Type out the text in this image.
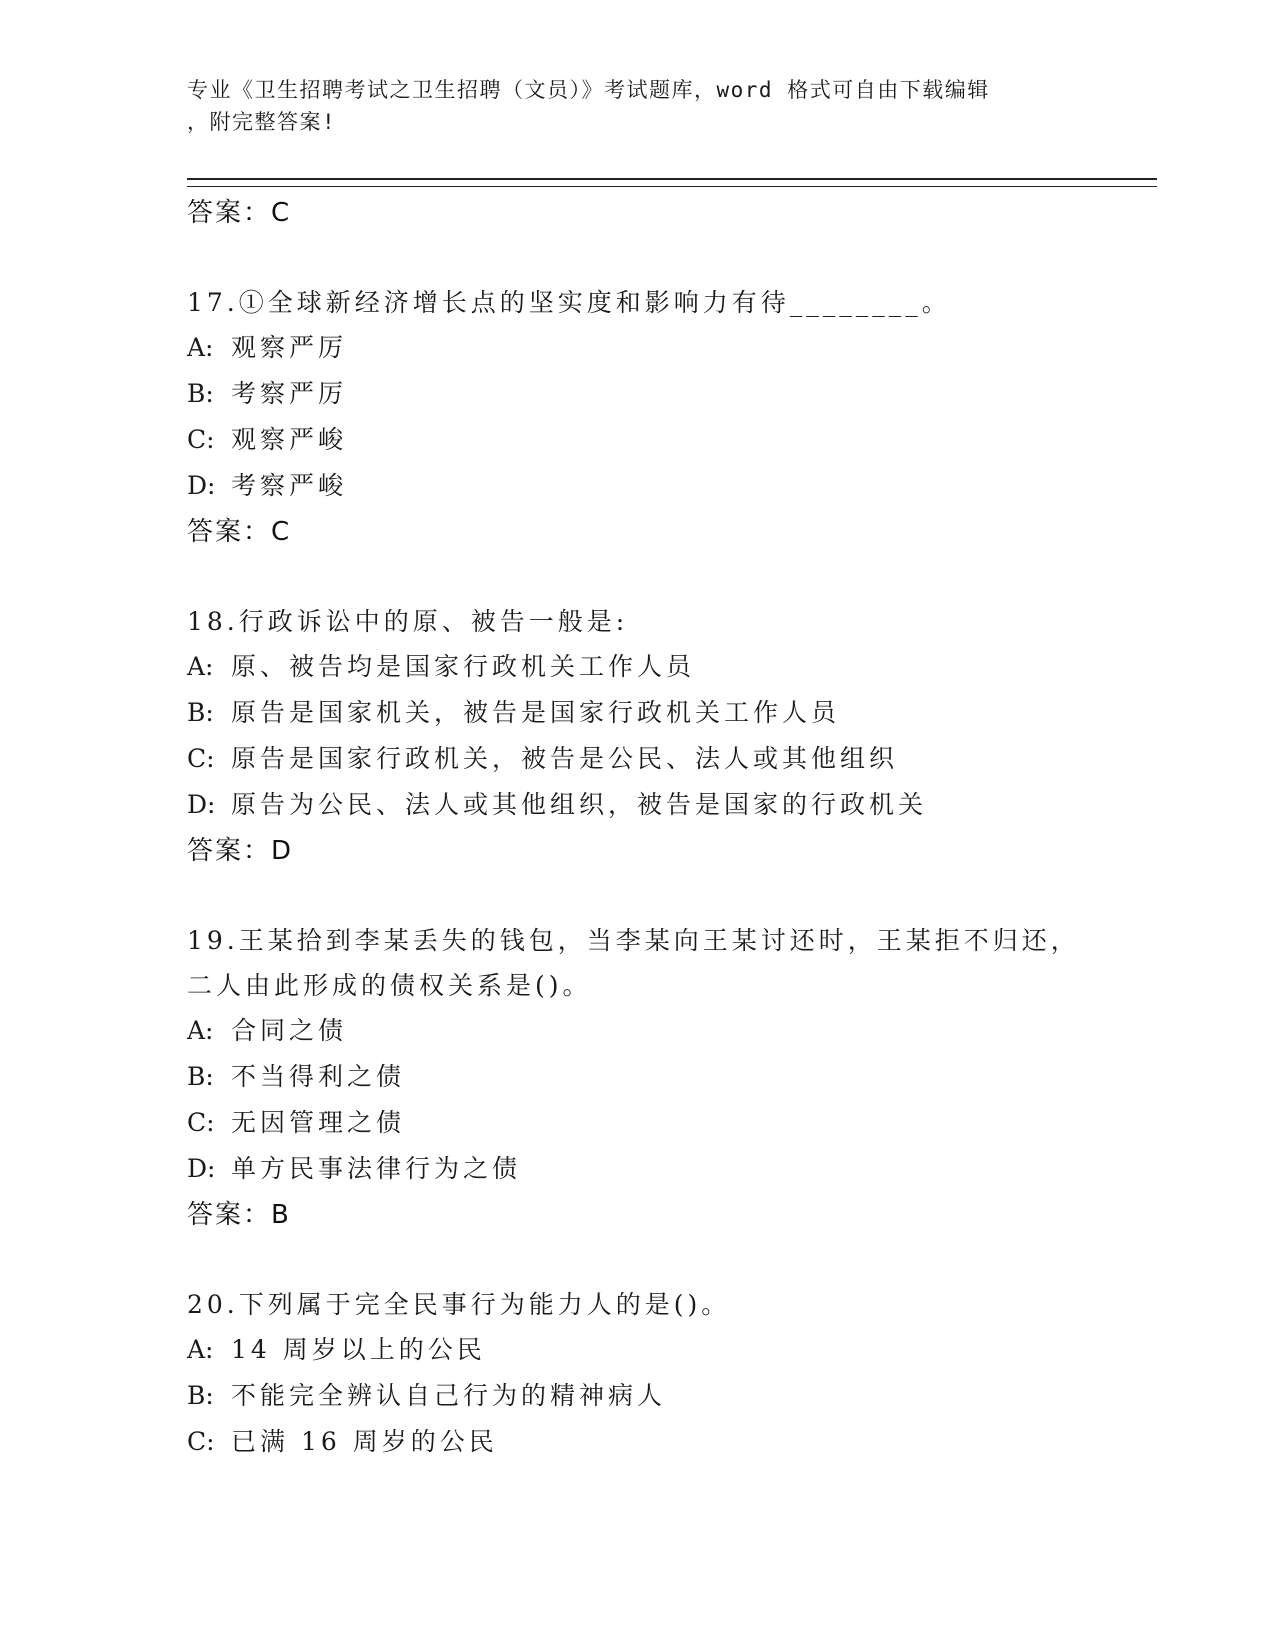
专业《卫生招聘考试之卫生招聘（文员）》考试题库，word 格式可自由下载编辑
，附完整答案!
答案：C
17.①全球新经济增长点的坚实度和影响力有待________。
A: 观察严厉
B: 考察严厉
C: 观察严峻
D: 考察严峻
答案：C
18.行政诉讼中的原、被告一般是:
A: 原、被告均是国家行政机关工作人员
B: 原告是国家机关，被告是国家行政机关工作人员
C: 原告是国家行政机关，被告是公民、法人或其他组织
D: 原告为公民、法人或其他组织，被告是国家的行政机关
答案：D
19.王某拾到李某丢失的钱包，当李某向王某讨还时，王某拒不归还，
二人由此形成的债权关系是()。
A: 合同之债
B: 不当得利之债
C: 无因管理之债
D: 单方民事法律行为之债
答案：B
20.下列属于完全民事行为能力人的是()。
A: 14 周岁以上的公民
B: 不能完全辨认自己行为的精神病人
C: 已满 16 周岁的公民
